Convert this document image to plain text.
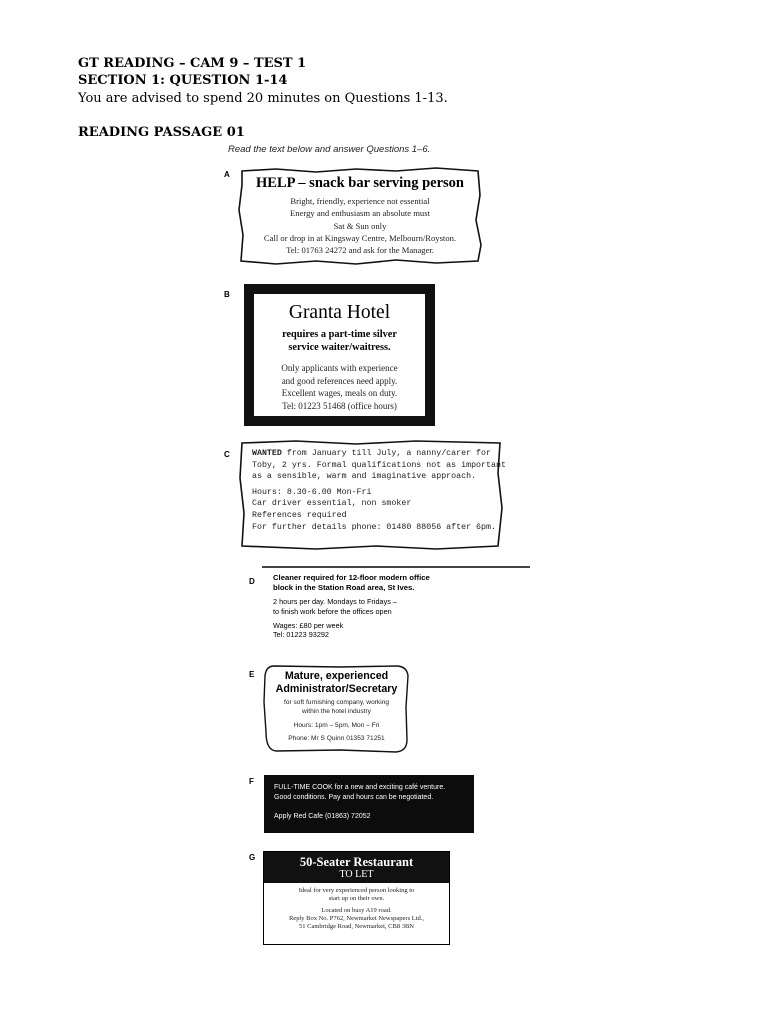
GT READING – CAM 9 – TEST 1
SECTION 1: QUESTION 1-14
You are advised to spend 20 minutes on Questions 1-13.
READING PASSAGE 01
Read the text below and answer Questions 1–6.
A
HELP – snack bar serving person
Bright, friendly, experience not essential
Energy and enthusiasm an absolute must
Sat & Sun only
Call or drop in at Kingsway Centre, Melbourn/Royston.
Tel: 01763 24272 and ask for the Manager.
B
Granta Hotel
requires a part-time silver
service waiter/waitress.
Only applicants with experience
and good references need apply.
Excellent wages, meals on duty.
Tel: 01223 51468 (office hours)
C	WANTED from January till July, a nanny/carer for
Toby, 2 yrs. Formal qualifications not as important
as a sensible, warm and imaginative approach.
Hours: 8.30-6.00 Mon-Fri
Car driver essential, non smoker
References required
For further details phone: 01480 88056 after 6pm.
D Cleaner required for 12-floor modern office
block in the Station Road area, St Ives.
2 hours per day. Mondays to Fridays –
to finish work before the offices open
Wages: £80 per week
Tel: 01223 93292
E	Mature, experienced
Administrator/Secretary
for soft furnishing company, working
within the hotel industry
Hours: 1pm – 5pm, Mon – Fri
Phone: Mr S Quinn 01353 71251
F
FULL-TIME COOK for a new and exciting café venture.
Good conditions. Pay and hours can be negotiated.
Apply Red Cafe (01863) 72052
G	50-Seater Restaurant
TO LET
Ideal for very experienced person looking to
start up on their own.
Located on busy A19 road.
Reply Box No. P762, Newmarket Newspapers Ltd.,
51 Cambridge Road, Newmarket, CB8 3BN
